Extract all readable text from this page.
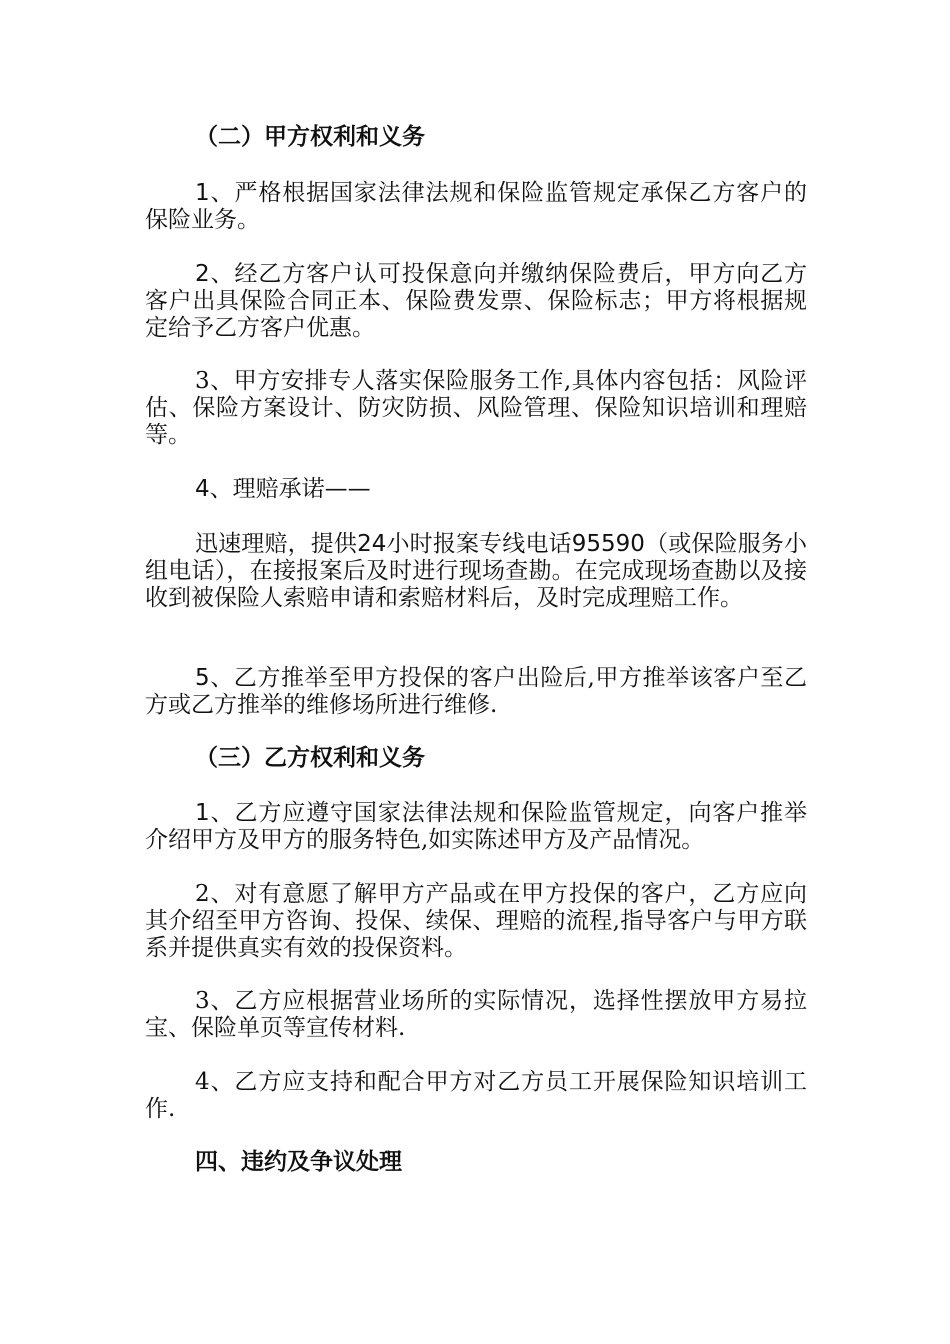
（二）甲方权利和义务

1、严格根据国家法律法规和保险监管规定承保乙方客户的保险业务。

2、经乙方客户认可投保意向并缴纳保险费后，甲方向乙方客户出具保险合同正本、保险费发票、保险标志；甲方将根据规定给予乙方客户优惠。

3、甲方安排专人落实保险服务工作,具体内容包括：风险评估、保险方案设计、防灾防损、风险管理、保险知识培训和理赔等。

4、理赔承诺——

迅速理赔，提供24小时报案专线电话95590（或保险服务小组电话），在接报案后及时进行现场查勘。在完成现场查勘以及接收到被保险人索赔申请和索赔材料后，及时完成理赔工作。

5、乙方推举至甲方投保的客户出险后,甲方推举该客户至乙方或乙方推举的维修场所进行维修.

（三）乙方权利和义务

1、乙方应遵守国家法律法规和保险监管规定，向客户推举介绍甲方及甲方的服务特色,如实陈述甲方及产品情况。

2、对有意愿了解甲方产品或在甲方投保的客户，乙方应向其介绍至甲方咨询、投保、续保、理赔的流程,指导客户与甲方联系并提供真实有效的投保资料。

3、乙方应根据营业场所的实际情况，选择性摆放甲方易拉宝、保险单页等宣传材料.

4、乙方应支持和配合甲方对乙方员工开展保险知识培训工作.

四、违约及争议处理
